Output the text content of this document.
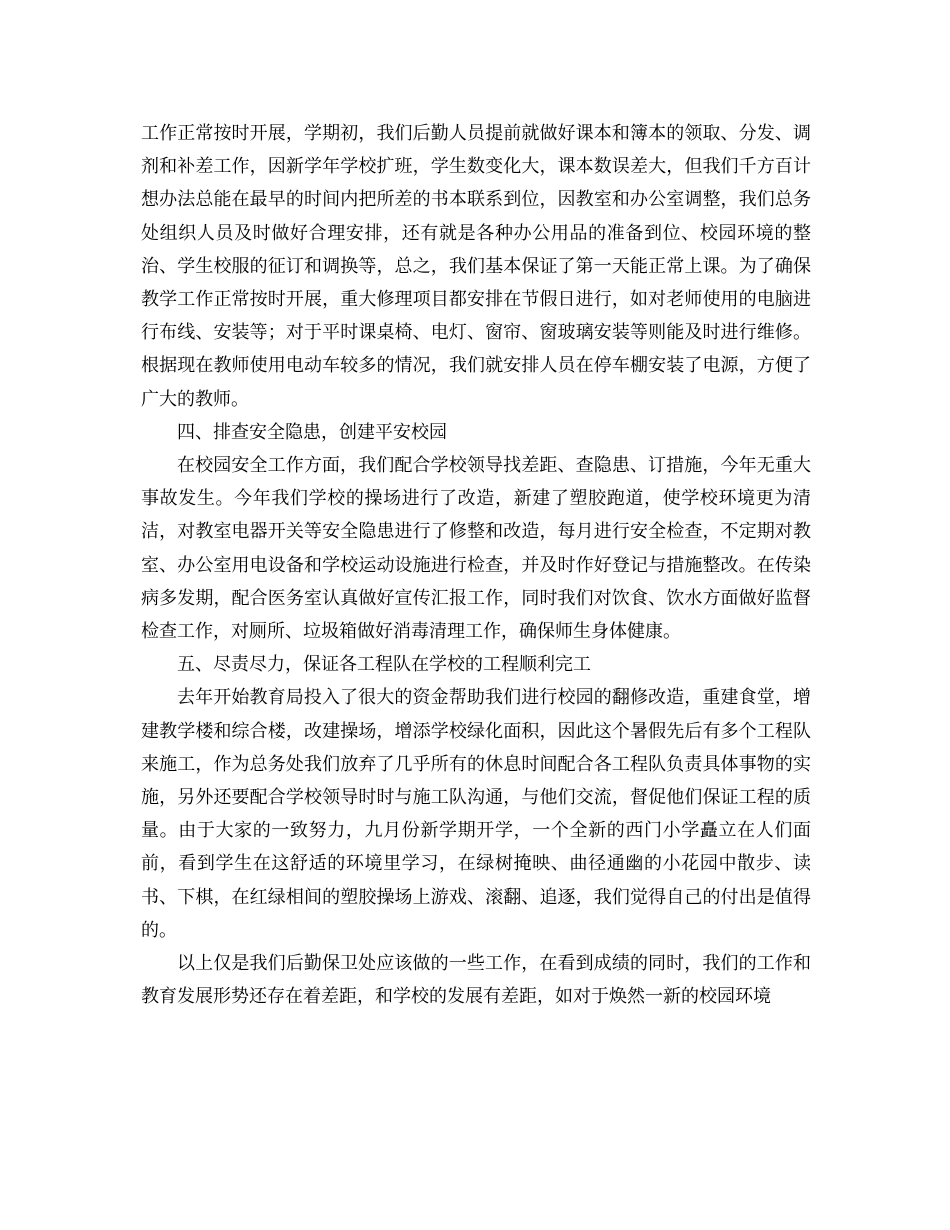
工作正常按时开展，学期初，我们后勤人员提前就做好课本和簿本的领取、分发、调剂和补差工作，因新学年学校扩班，学生数变化大，课本数误差大，但我们千方百计想办法总能在最早的时间内把所差的书本联系到位，因教室和办公室调整，我们总务处组织人员及时做好合理安排，还有就是各种办公用品的准备到位、校园环境的整治、学生校服的征订和调换等，总之，我们基本保证了第一天能正常上课。为了确保教学工作正常按时开展，重大修理项目都安排在节假日进行，如对老师使用的电脑进行布线、安装等；对于平时课桌椅、电灯、窗帘、窗玻璃安装等则能及时进行维修。根据现在教师使用电动车较多的情况，我们就安排人员在停车棚安装了电源，方便了广大的教师。

四、排查安全隐患，创建平安校园

在校园安全工作方面，我们配合学校领导找差距、查隐患、订措施，今年无重大事故发生。今年我们学校的操场进行了改造，新建了塑胶跑道，使学校环境更为清洁，对教室电器开关等安全隐患进行了修整和改造，每月进行安全检查，不定期对教室、办公室用电设备和学校运动设施进行检查，并及时作好登记与措施整改。在传染病多发期，配合医务室认真做好宣传汇报工作，同时我们对饮食、饮水方面做好监督检查工作，对厕所、垃圾箱做好消毒清理工作，确保师生身体健康。

五、尽责尽力，保证各工程队在学校的工程顺利完工

去年开始教育局投入了很大的资金帮助我们进行校园的翻修改造，重建食堂，增建教学楼和综合楼，改建操场，增添学校绿化面积，因此这个暑假先后有多个工程队来施工，作为总务处我们放弃了几乎所有的休息时间配合各工程队负责具体事物的实施，另外还要配合学校领导时时与施工队沟通，与他们交流，督促他们保证工程的质量。由于大家的一致努力，九月份新学期开学，一个全新的西门小学矗立在人们面前，看到学生在这舒适的环境里学习，在绿树掩映、曲径通幽的小花园中散步、读书、下棋，在红绿相间的塑胶操场上游戏、滚翻、追逐，我们觉得自己的付出是值得的。

以上仅是我们后勤保卫处应该做的一些工作，在看到成绩的同时，我们的工作和教育发展形势还存在着差距，和学校的发展有差距，如对于焕然一新的校园环境
